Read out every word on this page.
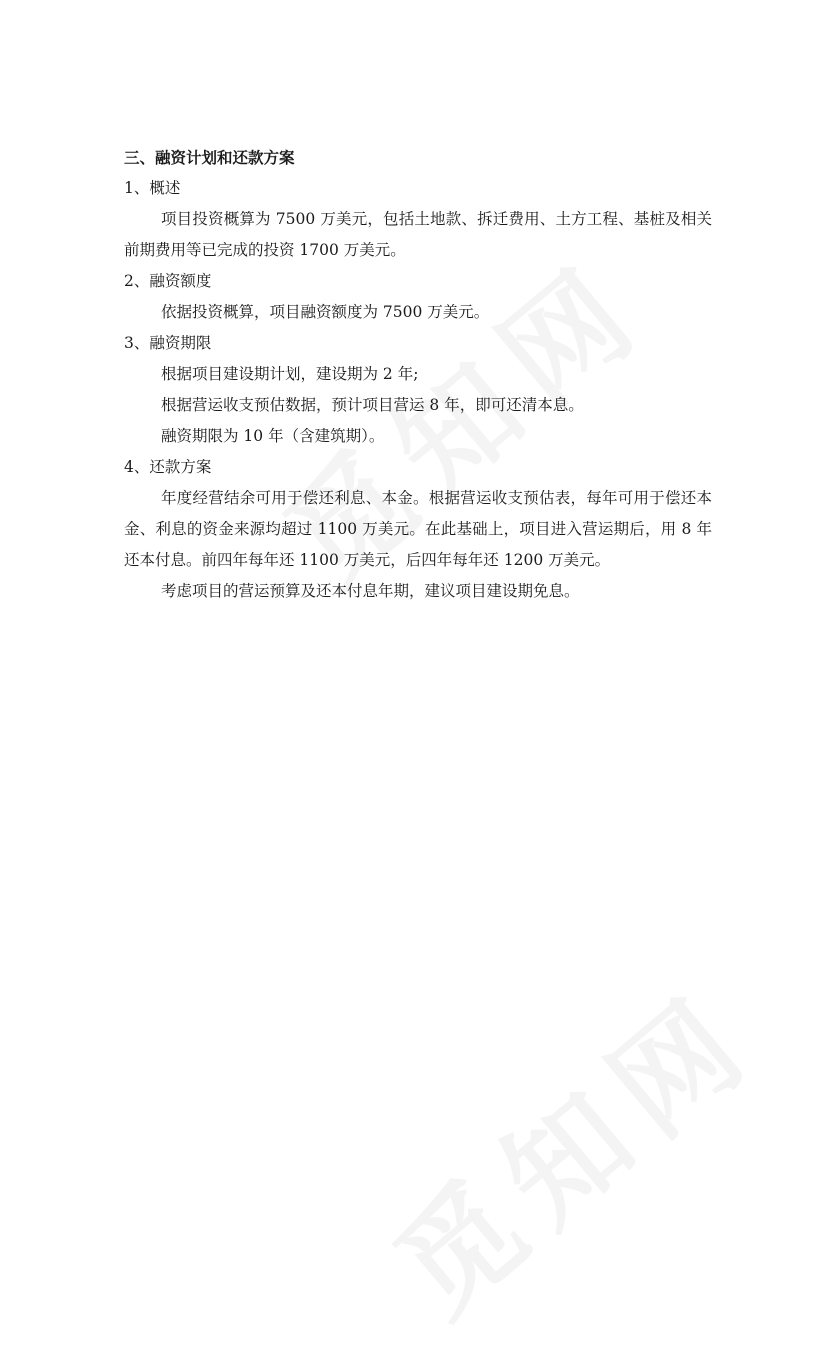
三、融资计划和还款方案
1、概述
项目投资概算为 7500 万美元，包括土地款、拆迁费用、土方工程、基桩及相关前期费用等已完成的投资 1700 万美元。
2、融资额度
依据投资概算，项目融资额度为 7500 万美元。
3、融资期限
根据项目建设期计划，建设期为 2 年;
根据营运收支预估数据，预计项目营运 8 年，即可还清本息。
融资期限为 10 年（含建筑期）。
4、还款方案
年度经营结余可用于偿还利息、本金。根据营运收支预估表，每年可用于偿还本金、利息的资金来源均超过 1100 万美元。在此基础上，项目进入营运期后，用 8 年还本付息。前四年每年还 1100 万美元，后四年每年还 1200 万美元。
考虑项目的营运预算及还本付息年期，建议项目建设期免息。
